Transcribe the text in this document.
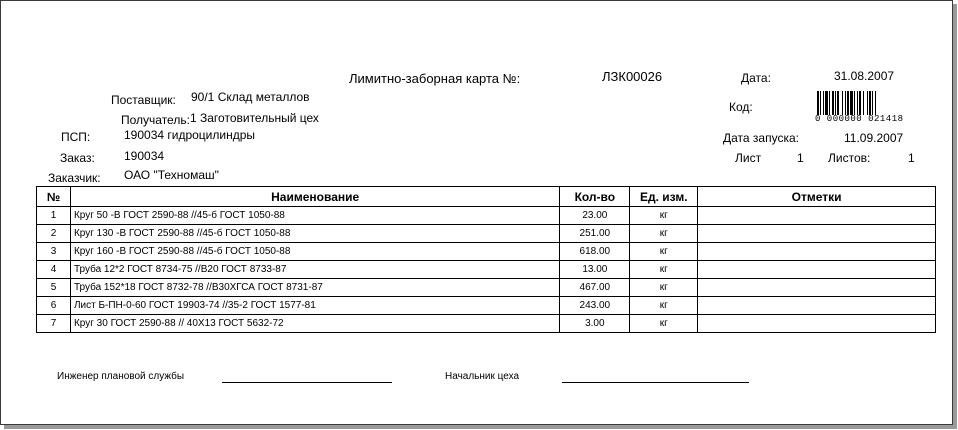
Лимитно-заборная карта №:	ЛЗК00026	Дата:	31.08.2007
Код:
0 000000 021418
Дата запуска:	11.09.2007
Лист	1 Листов:	1
Поставщик: 90/1 Склад металлов
Получатель: 1 Заготовительный цех
ПСП:	190034 гидроцилиндры
Заказ: 190034
Заказчик: ОАО "Техномаш"
№	Наименование	Кол-во	Ед. изм.	Отметки
1	Круг 50 -В ГОСТ 2590-88 //45-б ГОСТ 1050-88	23.00	кг	
2	Круг 130 -В ГОСТ 2590-88 //45-б ГОСТ 1050-88	251.00	кг	
3	Круг 160 -В ГОСТ 2590-88 //45-б ГОСТ 1050-88	618.00	кг	
4	Труба 12*2 ГОСТ 8734-75 //В20 ГОСТ 8733-87	13.00	кг	
5	Труба 152*18 ГОСТ 8732-78 //В30ХГСА ГОСТ 8731-87	467.00	кг	
6	Лист Б-ПН-0-60 ГОСТ 19903-74 //35-2 ГОСТ 1577-81	243.00	кг	
7	Круг 30 ГОСТ 2590-88 // 40Х13 ГОСТ 5632-72	3.00	кг	
Инженер плановой службы	Начальник цеха
